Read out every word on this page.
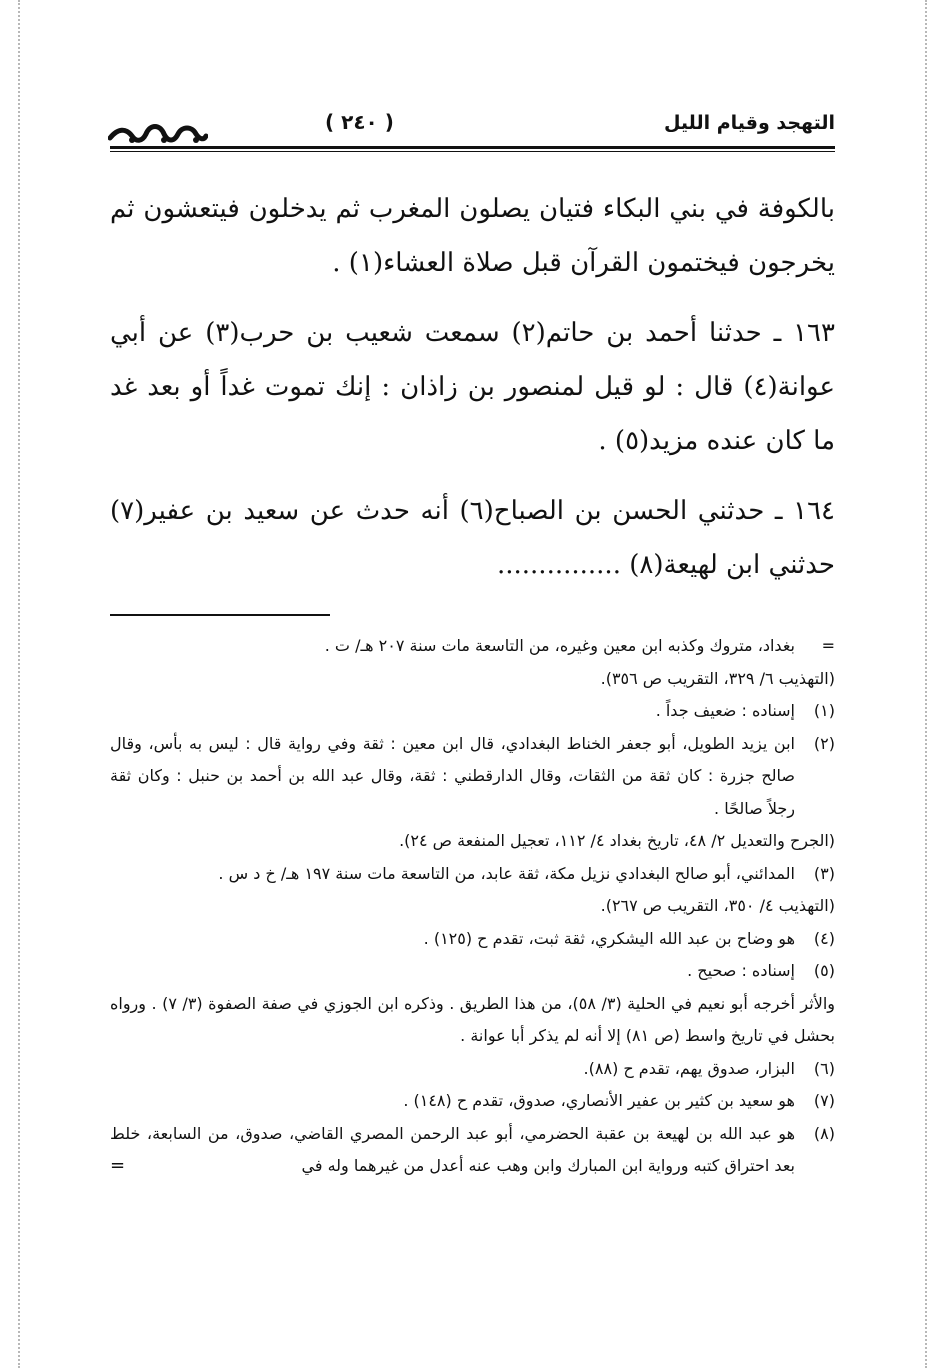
( ٢٤٠ )	التهجد وقيام الليل

بالكوفة في بني البكاء فتيان يصلون المغرب ثم يدخلون فيتعشون ثم يخرجون فيختمون القرآن قبل صلاة العشاء(١) .

١٦٣ ـ حدثنا أحمد بن حاتم(٢) سمعت شعيب بن حرب(٣) عن أبي عوانة(٤) قال : لو قيل لمنصور بن زاذان : إنك تموت غداً أو بعد غد ما كان عنده مزيد(٥) .

١٦٤ ـ حدثني الحسن بن الصباح(٦) أنه حدث عن سعيد بن عفير(٧) حدثني ابن لهيعة(٨) ...............

=
بغداد، متروك وكذبه ابن معين وغيره، من التاسعة مات سنة ٢٠٧ هـ/ ت .
(التهذيب ٦/ ٣٢٩، التقريب ص ٣٥٦).
(١)
إسناده : ضعيف جداً .
(٢)
ابن يزيد الطويل، أبو جعفر الخناط البغدادي، قال ابن معين : ثقة وفي رواية قال : ليس به بأس، وقال صالح جزرة : كان ثقة من الثقات، وقال الدارقطني : ثقة، وقال عبد الله بن أحمد بن حنبل : وكان ثقة رجلاً صالحًا .
(الجرح والتعديل ٢/ ٤٨، تاريخ بغداد ٤/ ١١٢، تعجيل المنفعة ص ٢٤).
(٣)
المدائني، أبو صالح البغدادي نزيل مكة، ثقة عابد، من التاسعة مات سنة ١٩٧ هـ/ خ د س .
(التهذيب ٤/ ٣٥٠، التقريب ص ٢٦٧).
(٤)
هو وضاح بن عبد الله اليشكري، ثقة ثبت، تقدم ح (١٢٥) .
(٥)
إسناده : صحيح .
والأثر أخرجه أبو نعيم في الحلية (٣/ ٥٨)، من هذا الطريق . وذكره ابن الجوزي في صفة الصفوة (٣/ ٧) . ورواه بحشل في تاريخ واسط (ص ٨١) إلا أنه لم يذكر أبا عوانة .
(٦)
البزار، صدوق يهم، تقدم ح (٨٨).
(٧)
هو سعيد بن كثير بن عفير الأنصاري، صدوق، تقدم ح (١٤٨) .
(٨)
هو عبد الله بن لهيعة بن عقبة الحضرمي، أبو عبد الرحمن المصري القاضي، صدوق، من السابعة، خلط بعد احتراق كتبه ورواية ابن المبارك وابن وهب عنه أعدل من غيرهما وله في
=
